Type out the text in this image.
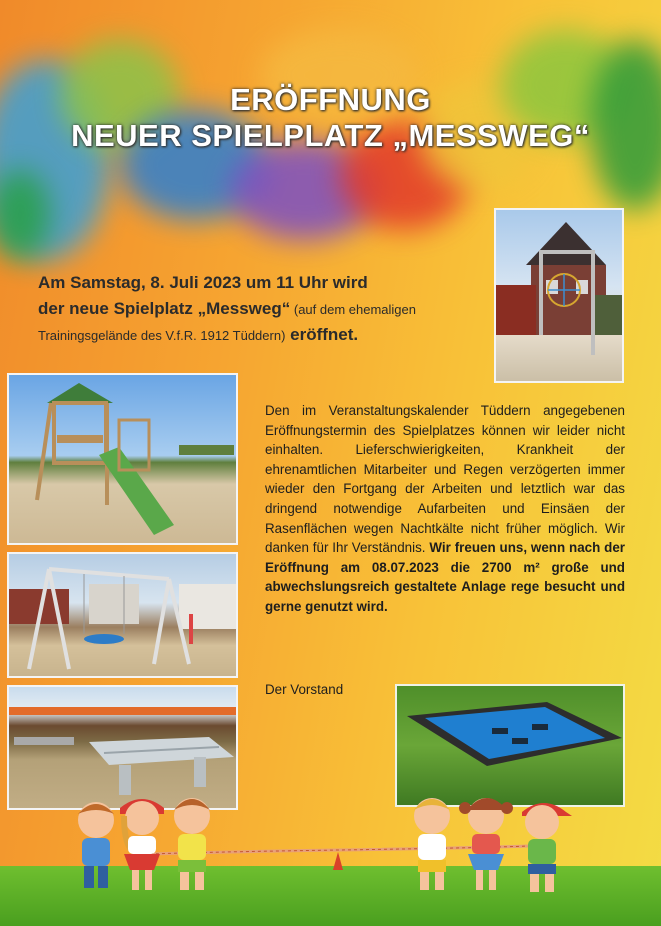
ERÖFFNUNG
NEUER SPIELPLATZ „MESSWEG“
Am Samstag, 8. Juli 2023 um 11 Uhr wird
der neue Spielplatz „Messweg“ (auf dem ehemaligen
Trainingsgelände des V.f.R. 1912 Tüddern) eröffnet.
Den im Veranstaltungskalender Tüddern angegebenen Eröffnungstermin des Spielplatzes können wir leider nicht einhalten. Lieferschwierigkeiten, Krankheit der ehrenamtlichen Mitarbeiter und Regen verzögerten immer wieder den Fortgang der Arbeiten und letztlich war das dringend notwendige Aufarbeiten und Einsäen der Rasenflächen wegen Nachtkälte nicht früher möglich. Wir danken für Ihr Verständnis. Wir freuen uns, wenn nach der Eröffnung am 08.07.2023 die 2700 m² große und abwechslungsreich gestaltete Anlage rege besucht und gerne genutzt wird.
Der Vorstand
